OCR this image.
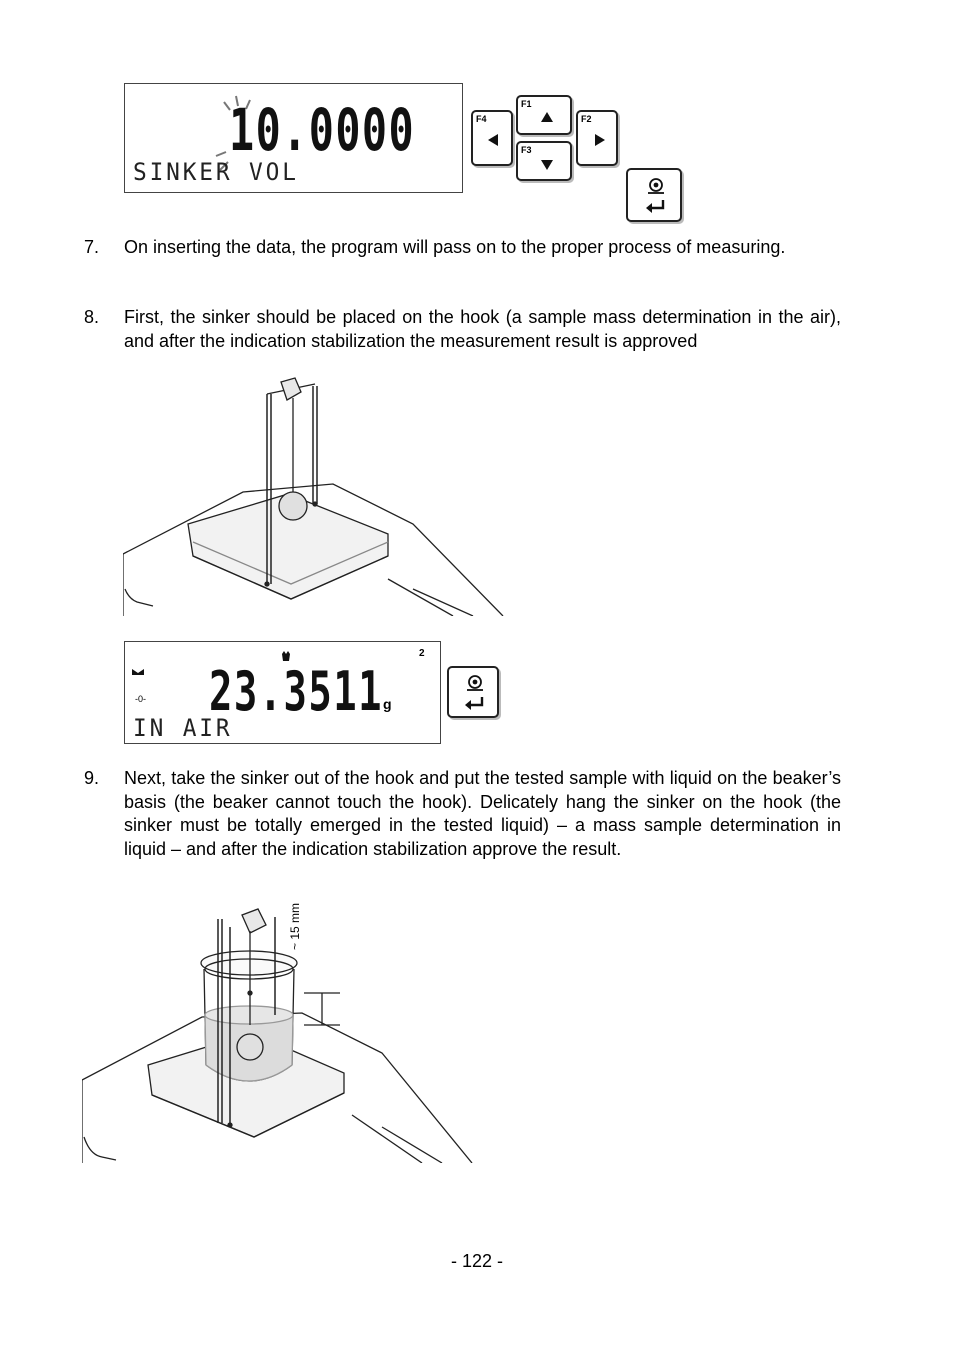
10.0000
SINKER VOL
F4
F1
F3
F2
7. On inserting the data, the program will pass on to the proper process of measuring.
8. First, the sinker should be placed on the hook (a sample mass determination in the air), and after the indication stabilization the measurement result is approved
2
-0- 23.3511 g
IN AIR
9. Next, take the sinker out of the hook and put the tested sample with liquid on the beaker’s basis (the beaker cannot touch the hook). Delicately hang the sinker on the hook (the sinker must be totally emerged in the tested liquid) – a mass sample determination in liquid – and after the indication stabilization approve the result.
~ 15 mm
- 122 -
